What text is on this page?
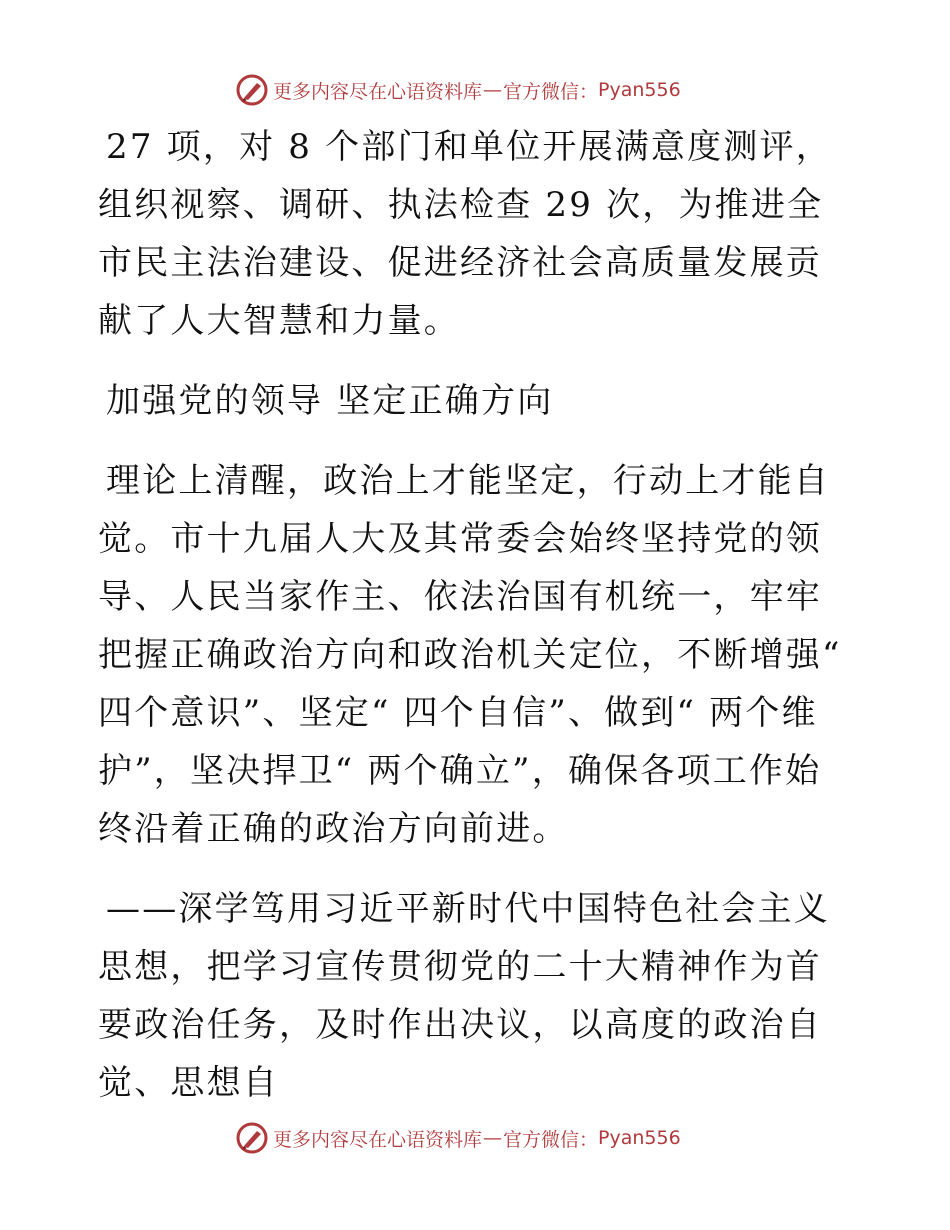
更多内容尽在心语资料库 — 官方微信： Pyan556

27 项，对 8 个部门和单位开展满意度测评，组织视察、调研、执法检查 29 次，为推进全市民主法治建设、促进经济社会高质量发展贡献了人大智慧和力量。

加强党的领导 坚定正确方向

理论上清醒，政治上才能坚定，行动上才能自觉。市十九届人大及其常委会始终坚持党的领导、人民当家作主、依法治国有机统一，牢牢把握正确政治方向和政治机关定位，不断增强“ 四个意识”、坚定“ 四个自信”、做到“ 两个维护”，坚决捍卫“ 两个确立”，确保各项工作始终沿着正确的政治方向前进。

——深学笃用习近平新时代中国特色社会主义思想，把学习宣传贯彻党的二十大精神作为首要政治任务，及时作出决议，以高度的政治自觉、思想自

更多内容尽在心语资料库 — 官方微信： Pyan556
